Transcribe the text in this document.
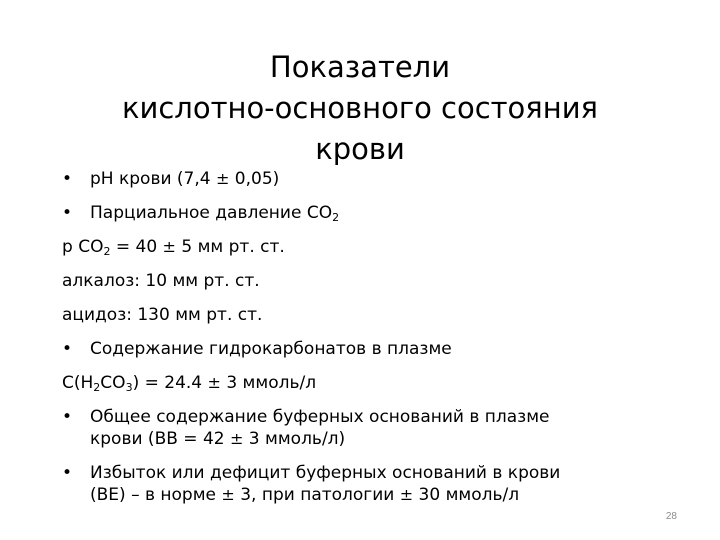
Показатели
кислотно-основного состояния
крови
•	рН крови (7,4 ± 0,05)
•	Парциальное давление $СО_2$
р $СО_2 = 40 \pm 5$ мм рт. ст.
алкалоз: 10 мм рт. ст.
ацидоз: 130 мм рт. ст.
•	Содержание гидрокарбонатов в плазме
$С(Н_2СО_3) = 24.4 \pm 3$ ммоль/л
•	Общее содержание буферных оснований в плазме
крови (ВВ = 42 ± 3 ммоль/л)
•	Избыток или дефицит буферных оснований в крови
(ВЕ) – в норме ± 3, при патологии ± 30 ммоль/л
28
